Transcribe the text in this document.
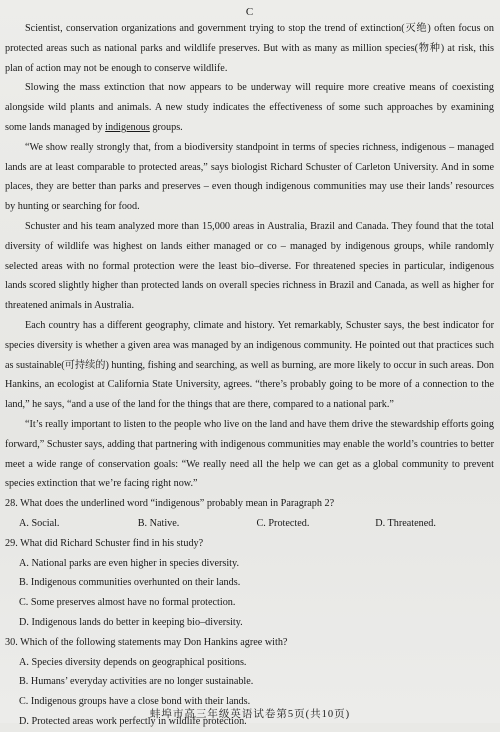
C

Scientist, conservation organizations and government trying to stop the trend of extinction(灭绝) often focus on protected areas such as national parks and wildlife preserves. But with as many as million species(物种) at risk, this plan of action may not be enough to conserve wildlife.

Slowing the mass extinction that now appears to be underway will require more creative means of coexisting alongside wild plants and animals. A new study indicates the effectiveness of some such approaches by examining some lands managed by indigenous groups.

“We show really strongly that, from a biodiversity standpoint in terms of species richness, indigenous – managed lands are at least comparable to protected areas,” says biologist Richard Schuster of Carleton University. And in some places, they are better than parks and preserves – even though indigenous communities may use their lands’ resources by hunting or searching for food.

Schuster and his team analyzed more than 15,000 areas in Australia, Brazil and Canada. They found that the total diversity of wildlife was highest on lands either managed or co – managed by indigenous groups, while randomly selected areas with no formal protection were the least bio–diverse. For threatened species in particular, indigenous lands scored slightly higher than protected lands on overall species richness in Brazil and Canada, as well as higher for threatened animals in Australia.

Each country has a different geography, climate and history. Yet remarkably, Schuster says, the best indicator for species diversity is whether a given area was managed by an indigenous community. He pointed out that practices such as sustainable(可持续的) hunting, fishing and searching, as well as burning, are more likely to occur in such areas. Don Hankins, an ecologist at California State University, agrees. “there’s probably going to be more of a connection to the land,” he says, “and a use of the land for the things that are there, compared to a national park.”

“It’s really important to listen to the people who live on the land and have them drive the stewardship efforts going forward,” Schuster says, adding that partnering with indigenous communities may enable the world’s countries to better meet a wide range of conservation goals: “We really need all the help we can get as a global community to prevent species extinction that we’re facing right now.”

28. What does the underlined word “indigenous” probably mean in Paragraph 2?

A. Social.	B. Native.	C. Protected.	D. Threatened.

29. What did Richard Schuster find in his study?

A. National parks are even higher in species diversity.

B. Indigenous communities overhunted on their lands.

C. Some preserves almost have no formal protection.

D. Indigenous lands do better in keeping bio–diversity.

30. Which of the following statements may Don Hankins agree with?

A. Species diversity depends on geographical positions.

B. Humans’ everyday activities are no longer sustainable.

C. Indigenous groups have a close bond with their lands.

D. Protected areas work perfectly in wildlife protection.

蚌埠市高三年级英语试卷第5页(共10页)
